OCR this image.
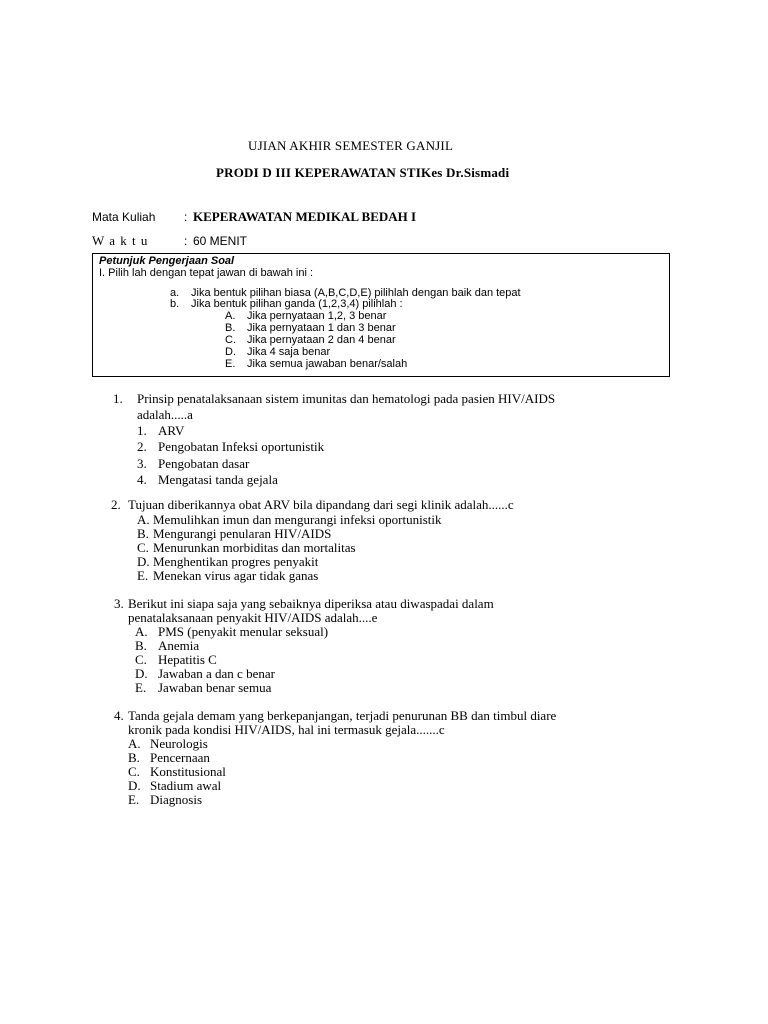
UJIAN AKHIR SEMESTER GANJIL
PRODI D III KEPERAWATAN STIKes Dr.Sismadi
Mata Kuliah : KEPERAWATAN MEDIKAL BEDAH I
W a k t u	: 60 MENIT
Petunjuk Pengerjaan Soal
I. Pilih lah dengan tepat jawan di bawah ini :
a. Jika bentuk pilihan biasa (A,B,C,D,E) pilihlah dengan baik dan tepat
b. Jika bentuk pilihan ganda (1,2,3,4) pilihlah :
A. Jika pernyataan 1,2, 3 benar
B. Jika pernyataan 1 dan 3 benar
C. Jika pernyataan 2 dan 4 benar
D. Jika 4 saja benar
E. Jika semua jawaban benar/salah
1. Prinsip penatalaksanaan sistem imunitas dan hematologi pada pasien HIV/AIDS
adalah.....a
1. ARV
2. Pengobatan Infeksi oportunistik
3. Pengobatan dasar
4. Mengatasi tanda gejala
2. Tujuan diberikannya obat ARV bila dipandang dari segi klinik adalah......c
A. Memulihkan imun dan mengurangi infeksi oportunistik
B. Mengurangi penularan HIV/AIDS
C. Menurunkan morbiditas dan mortalitas
D. Menghentikan progres penyakit
E. Menekan virus agar tidak ganas
3. Berikut ini siapa saja yang sebaiknya diperiksa atau diwaspadai dalam
penatalaksanaan penyakit HIV/AIDS adalah....e
A. PMS (penyakit menular seksual)
B. Anemia
C. Hepatitis C
D. Jawaban a dan c benar
E. Jawaban benar semua
4. Tanda gejala demam yang berkepanjangan, terjadi penurunan BB dan timbul diare
kronik pada kondisi HIV/AIDS, hal ini termasuk gejala.......c
A. Neurologis
B. Pencernaan
C. Konstitusional
D. Stadium awal
E. Diagnosis
